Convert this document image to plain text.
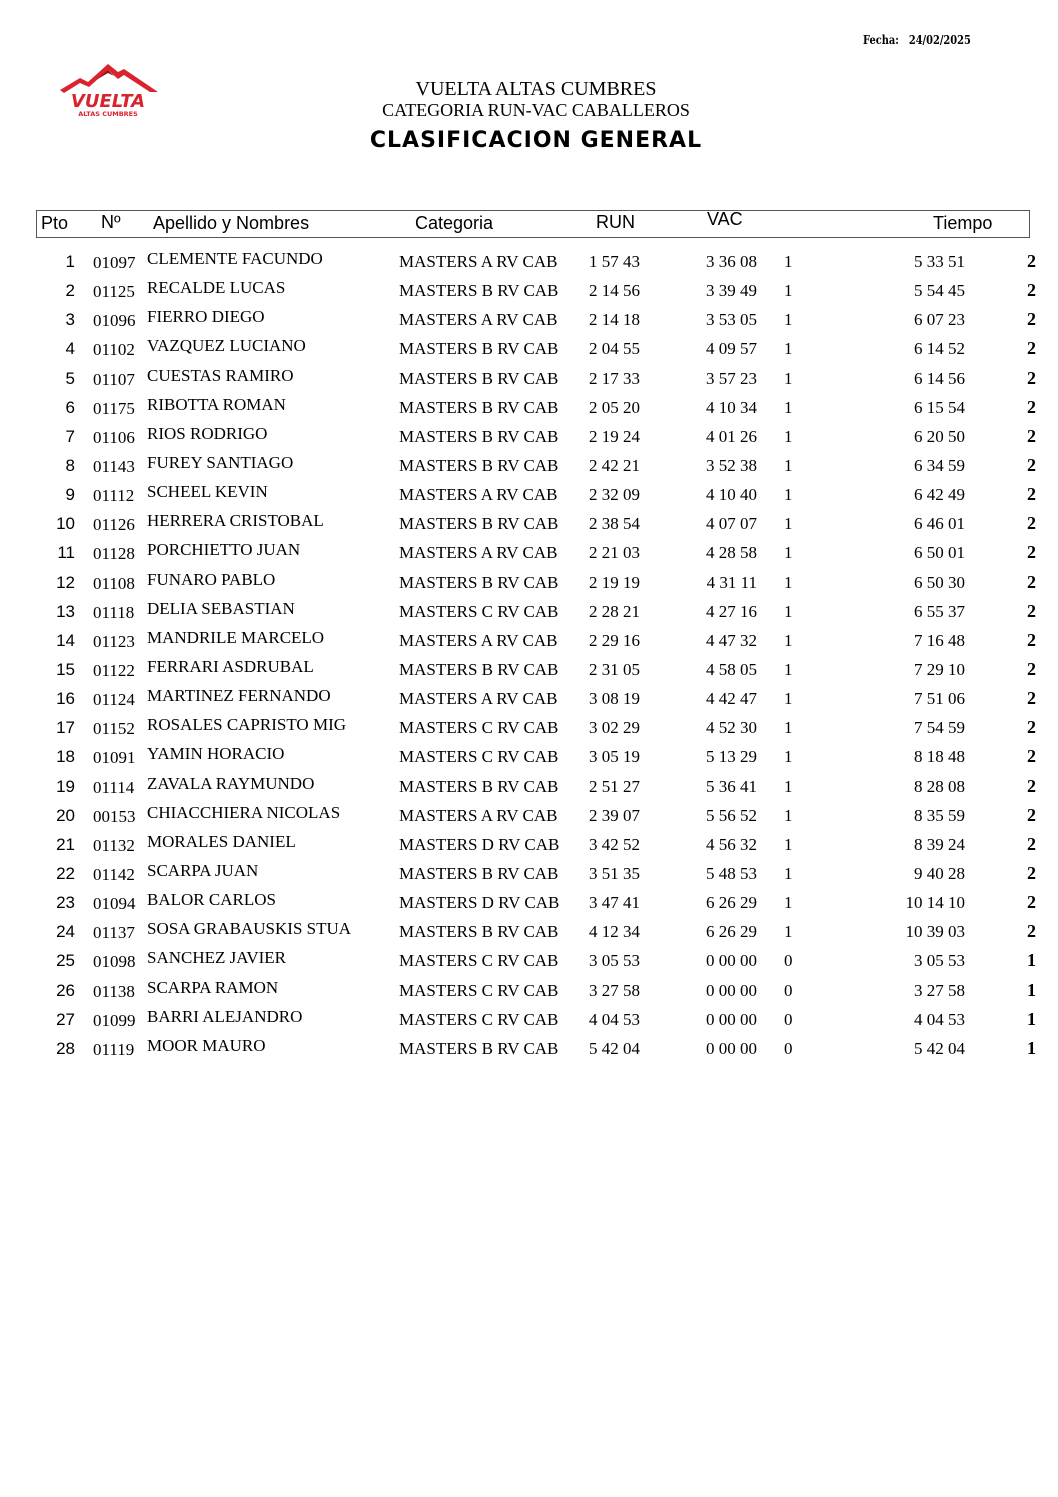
Fecha: 24/02/2025
VUELTA
ALTAS CUMBRES
VUELTA ALTAS CUMBRES
CATEGORIA RUN-VAC CABALLEROS
CLASIFICACION GENERAL
Pto Nº Apellido y Nombres	Categoria	RUN	VAC	Tiempo
1 01097 CLEMENTE FACUNDO	MASTERS A RV CAB	1 57 43	3 36 08 1	5 33 51	2
2 01125 RECALDE LUCAS	MASTERS B RV CAB	2 14 56	3 39 49 1	5 54 45	2
3 01096 FIERRO DIEGO	MASTERS A RV CAB	2 14 18	3 53 05 1	6 07 23	2
4 01102 VAZQUEZ LUCIANO	MASTERS B RV CAB	2 04 55	4 09 57 1	6 14 52	2
5 01107 CUESTAS RAMIRO	MASTERS B RV CAB	2 17 33	3 57 23 1	6 14 56	2
6 01175 RIBOTTA ROMAN	MASTERS B RV CAB	2 05 20	4 10 34 1	6 15 54	2
7 01106 RIOS RODRIGO	MASTERS B RV CAB	2 19 24	4 01 26 1	6 20 50	2
8 01143 FUREY SANTIAGO	MASTERS B RV CAB	2 42 21	3 52 38 1	6 34 59	2
9 01112 SCHEEL KEVIN	MASTERS A RV CAB	2 32 09	4 10 40 1	6 42 49	2
10 01126 HERRERA CRISTOBAL	MASTERS B RV CAB	2 38 54	4 07 07 1	6 46 01	2
11 01128 PORCHIETTO JUAN	MASTERS A RV CAB	2 21 03	4 28 58 1	6 50 01	2
12 01108 FUNARO PABLO	MASTERS B RV CAB	2 19 19	4 31 11 1	6 50 30	2
13 01118 DELIA SEBASTIAN	MASTERS C RV CAB	2 28 21	4 27 16 1	6 55 37	2
14 01123 MANDRILE MARCELO	MASTERS A RV CAB	2 29 16	4 47 32 1	7 16 48	2
15 01122 FERRARI ASDRUBAL	MASTERS B RV CAB	2 31 05	4 58 05 1	7 29 10	2
16 01124 MARTINEZ FERNANDO	MASTERS A RV CAB	3 08 19	4 42 47 1	7 51 06	2
17 01152 ROSALES CAPRISTO MIG	MASTERS C RV CAB	3 02 29	4 52 30 1	7 54 59	2
18 01091 YAMIN HORACIO	MASTERS C RV CAB	3 05 19	5 13 29 1	8 18 48	2
19 01114 ZAVALA RAYMUNDO	MASTERS B RV CAB	2 51 27	5 36 41 1	8 28 08	2
20 00153 CHIACCHIERA NICOLAS	MASTERS A RV CAB	2 39 07	5 56 52 1	8 35 59	2
21 01132 MORALES DANIEL	MASTERS D RV CAB	3 42 52	4 56 32 1	8 39 24	2
22 01142 SCARPA JUAN	MASTERS B RV CAB	3 51 35	5 48 53 1	9 40 28	2
23 01094 BALOR CARLOS	MASTERS D RV CAB	3 47 41	6 26 29 1	10 14 10	2
24 01137 SOSA GRABAUSKIS STUA	MASTERS B RV CAB	4 12 34	6 26 29 1	10 39 03	2
25 01098 SANCHEZ JAVIER	MASTERS C RV CAB	3 05 53	0 00 00 0	3 05 53	1
26 01138 SCARPA RAMON	MASTERS C RV CAB	3 27 58	0 00 00 0	3 27 58	1
27 01099 BARRI ALEJANDRO	MASTERS C RV CAB	4 04 53	0 00 00 0	4 04 53	1
28 01119 MOOR MAURO	MASTERS B RV CAB	5 42 04	0 00 00 0	5 42 04	1
